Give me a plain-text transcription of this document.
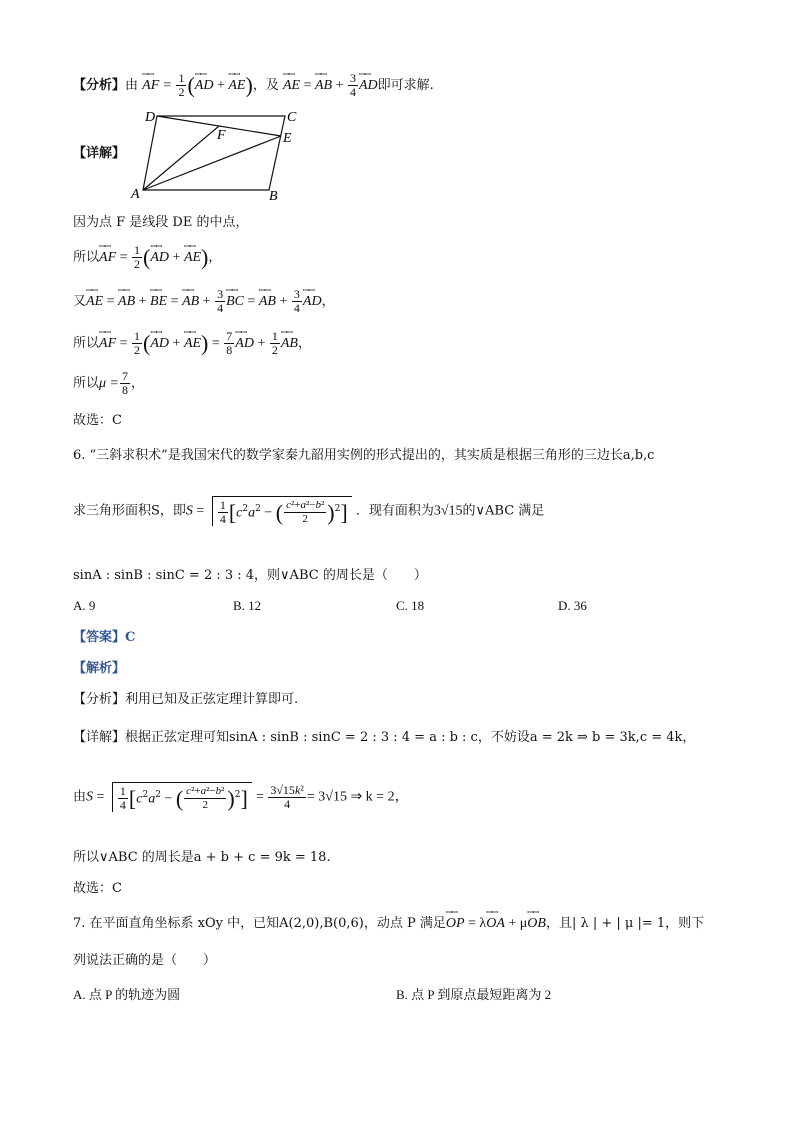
【分析】由 ꟷꟷ AF = $\frac{1}{2}$ (ꟷꟷ AD + ꟷꟷ AE)，及 ꟷꟷ AE = ꟷꟷ AB + $\frac{3}{4}$ ꟷꟷ AD即可求解.
【详解】
A	B
C
D
E
F
因为点 F 是线段 DE 的中点，
所以ꟷꟷ AF = $\frac{1}{2}$ (ꟷꟷ AD + ꟷꟷ AE)，
又ꟷꟷ AE = ꟷꟷ AB + ꟷꟷ BE = ꟷꟷ AB + $\frac{3}{4}$ ꟷꟷ BC = ꟷꟷ AB + $\frac{3}{4}$ ꟷꟷ AD，
所以ꟷꟷ AF = $\frac{1}{2}$ (ꟷꟷ AD + ꟷꟷ $AE) = \frac{7}{8}$ ꟷꟷ AD + $\frac{1}{2}$ ꟷꟷ AB，
所以$\mu = \frac{7}{8}$ ，
故选：C
6. “三斜求积术”是我国宋代的数学家秦九韶用实例的形式提出的，其实质是根据三角形的三边长a,b,c
求三角形面积S，即$S = \frac{1}{4} [c^2a^2$ − ( $\frac{\text{c²+a²−b²}}{2} )^2$] ．现有面积为3√15的∨ABC 满足
sinA : sinB : sinC = 2 : 3 : 4，则∨ABC 的周长是（　　）
A. 9	B. 12	C. 18	D. 36
【答案】C
【解析】
【分析】利用已知及正弦定理计算即可.
【详解】根据正弦定理可知sinA : sinB : sinC = 2 : 3 : 4 = a : b : c，不妨设a = 2k ⇒ b = 3k,c = 4k，
由$S = \frac{1}{4} [c^2a^2$ − ( $\frac{\text{c²+a²−b²}}{2} )^2] = \frac{\text{3√15k²}}{4} = 3√15$ ⇒ k = 2，
所以∨ABC 的周长是a + b + c = 9k = 18.
故选：C
7. 在平面直角坐标系 xOy 中，已知A(2,0),B(0,6)，动点 P 满足ꟷꟷ OP = λꟷꟷ OA + μꟷꟷ OB，且| λ | + | μ |= 1，则下
列说法正确的是（　　）
A. 点 P 的轨迹为圆	B. 点 P 到原点最短距离为 2
